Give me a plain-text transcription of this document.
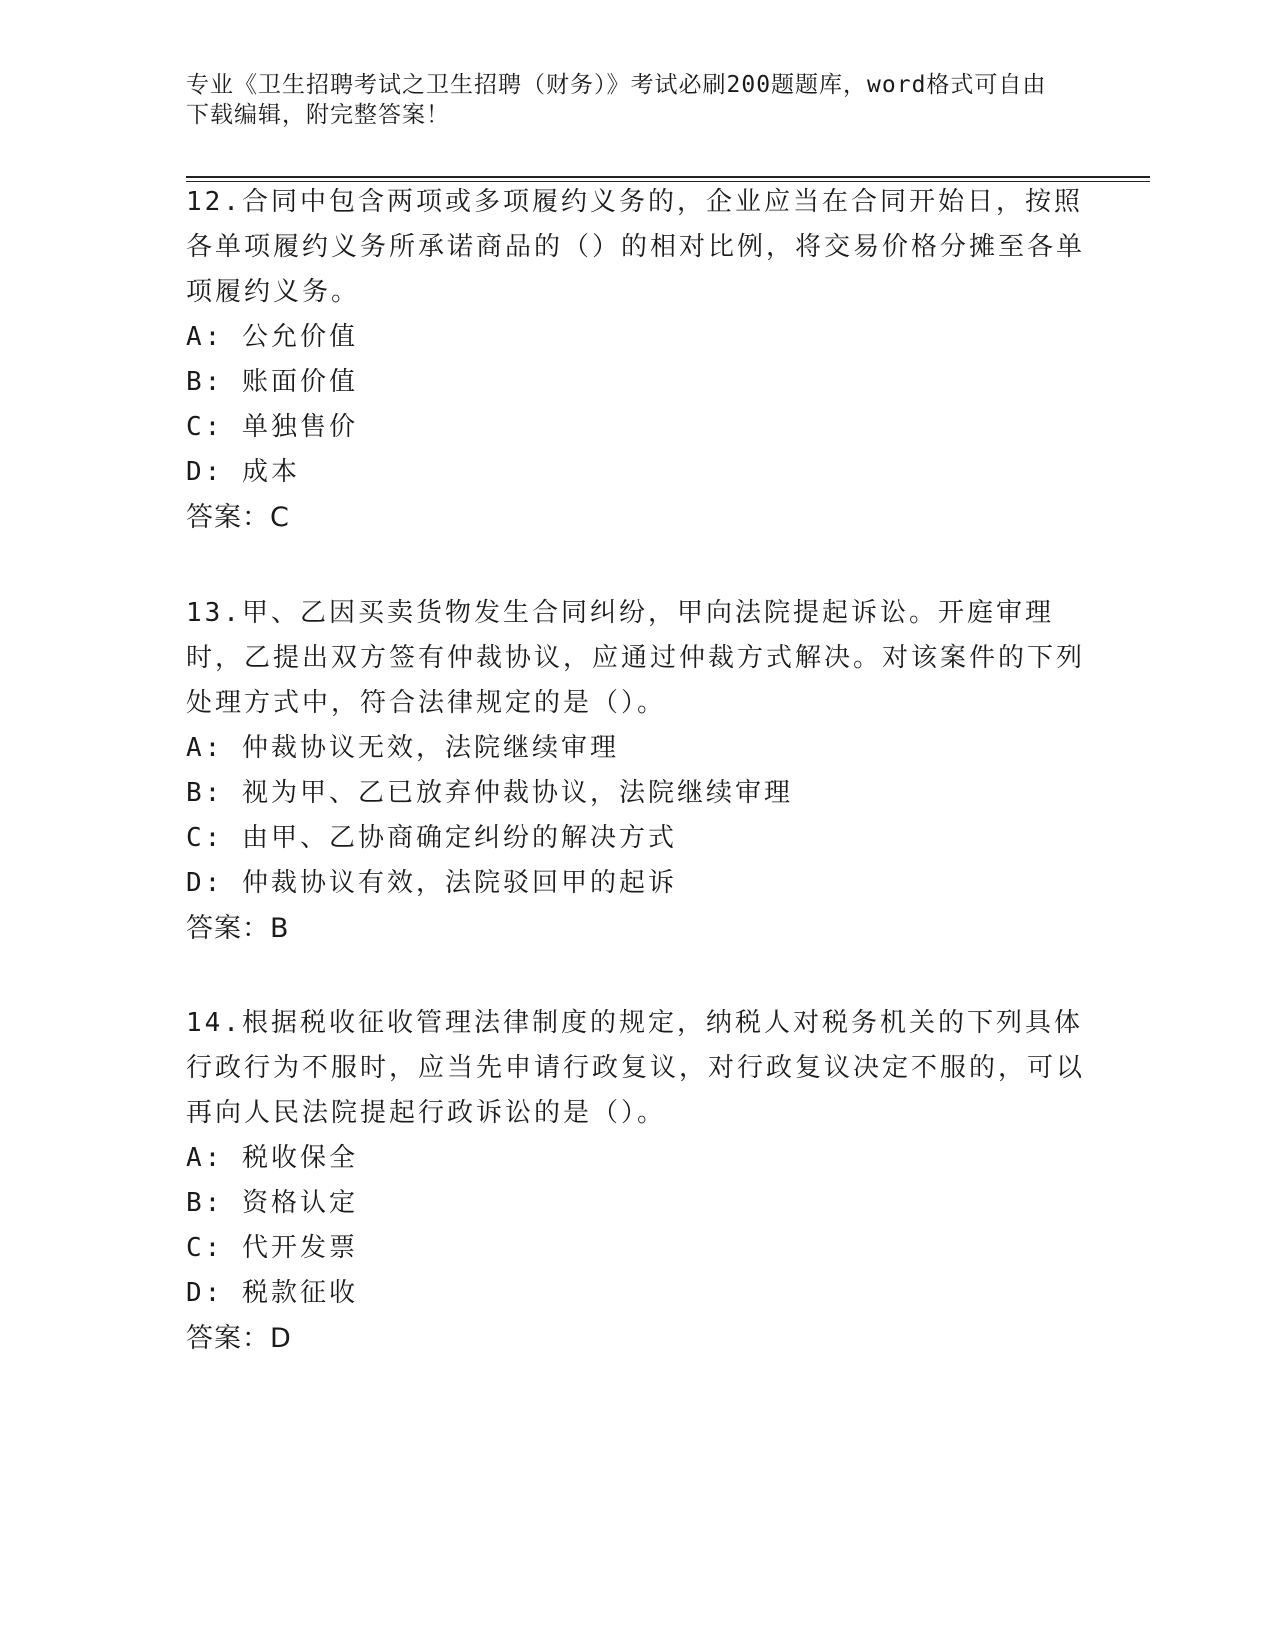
专业《卫生招聘考试之卫生招聘（财务）》考试必刷200题题库，word格式可自由下载编辑，附完整答案！

12.合同中包含两项或多项履约义务的，企业应当在合同开始日，按照各单项履约义务所承诺商品的（）的相对比例，将交易价格分摊至各单项履约义务。

A: 公允价值

B: 账面价值

C: 单独售价

D: 成本

答案：C

13.甲、乙因买卖货物发生合同纠纷，甲向法院提起诉讼。开庭审理时，乙提出双方签有仲裁协议，应通过仲裁方式解决。对该案件的下列处理方式中，符合法律规定的是（）。

A: 仲裁协议无效，法院继续审理

B: 视为甲、乙已放弃仲裁协议，法院继续审理

C: 由甲、乙协商确定纠纷的解决方式

D: 仲裁协议有效，法院驳回甲的起诉

答案：B

14.根据税收征收管理法律制度的规定，纳税人对税务机关的下列具体行政行为不服时，应当先申请行政复议，对行政复议决定不服的，可以再向人民法院提起行政诉讼的是（）。

A: 税收保全

B: 资格认定

C: 代开发票

D: 税款征收

答案：D
